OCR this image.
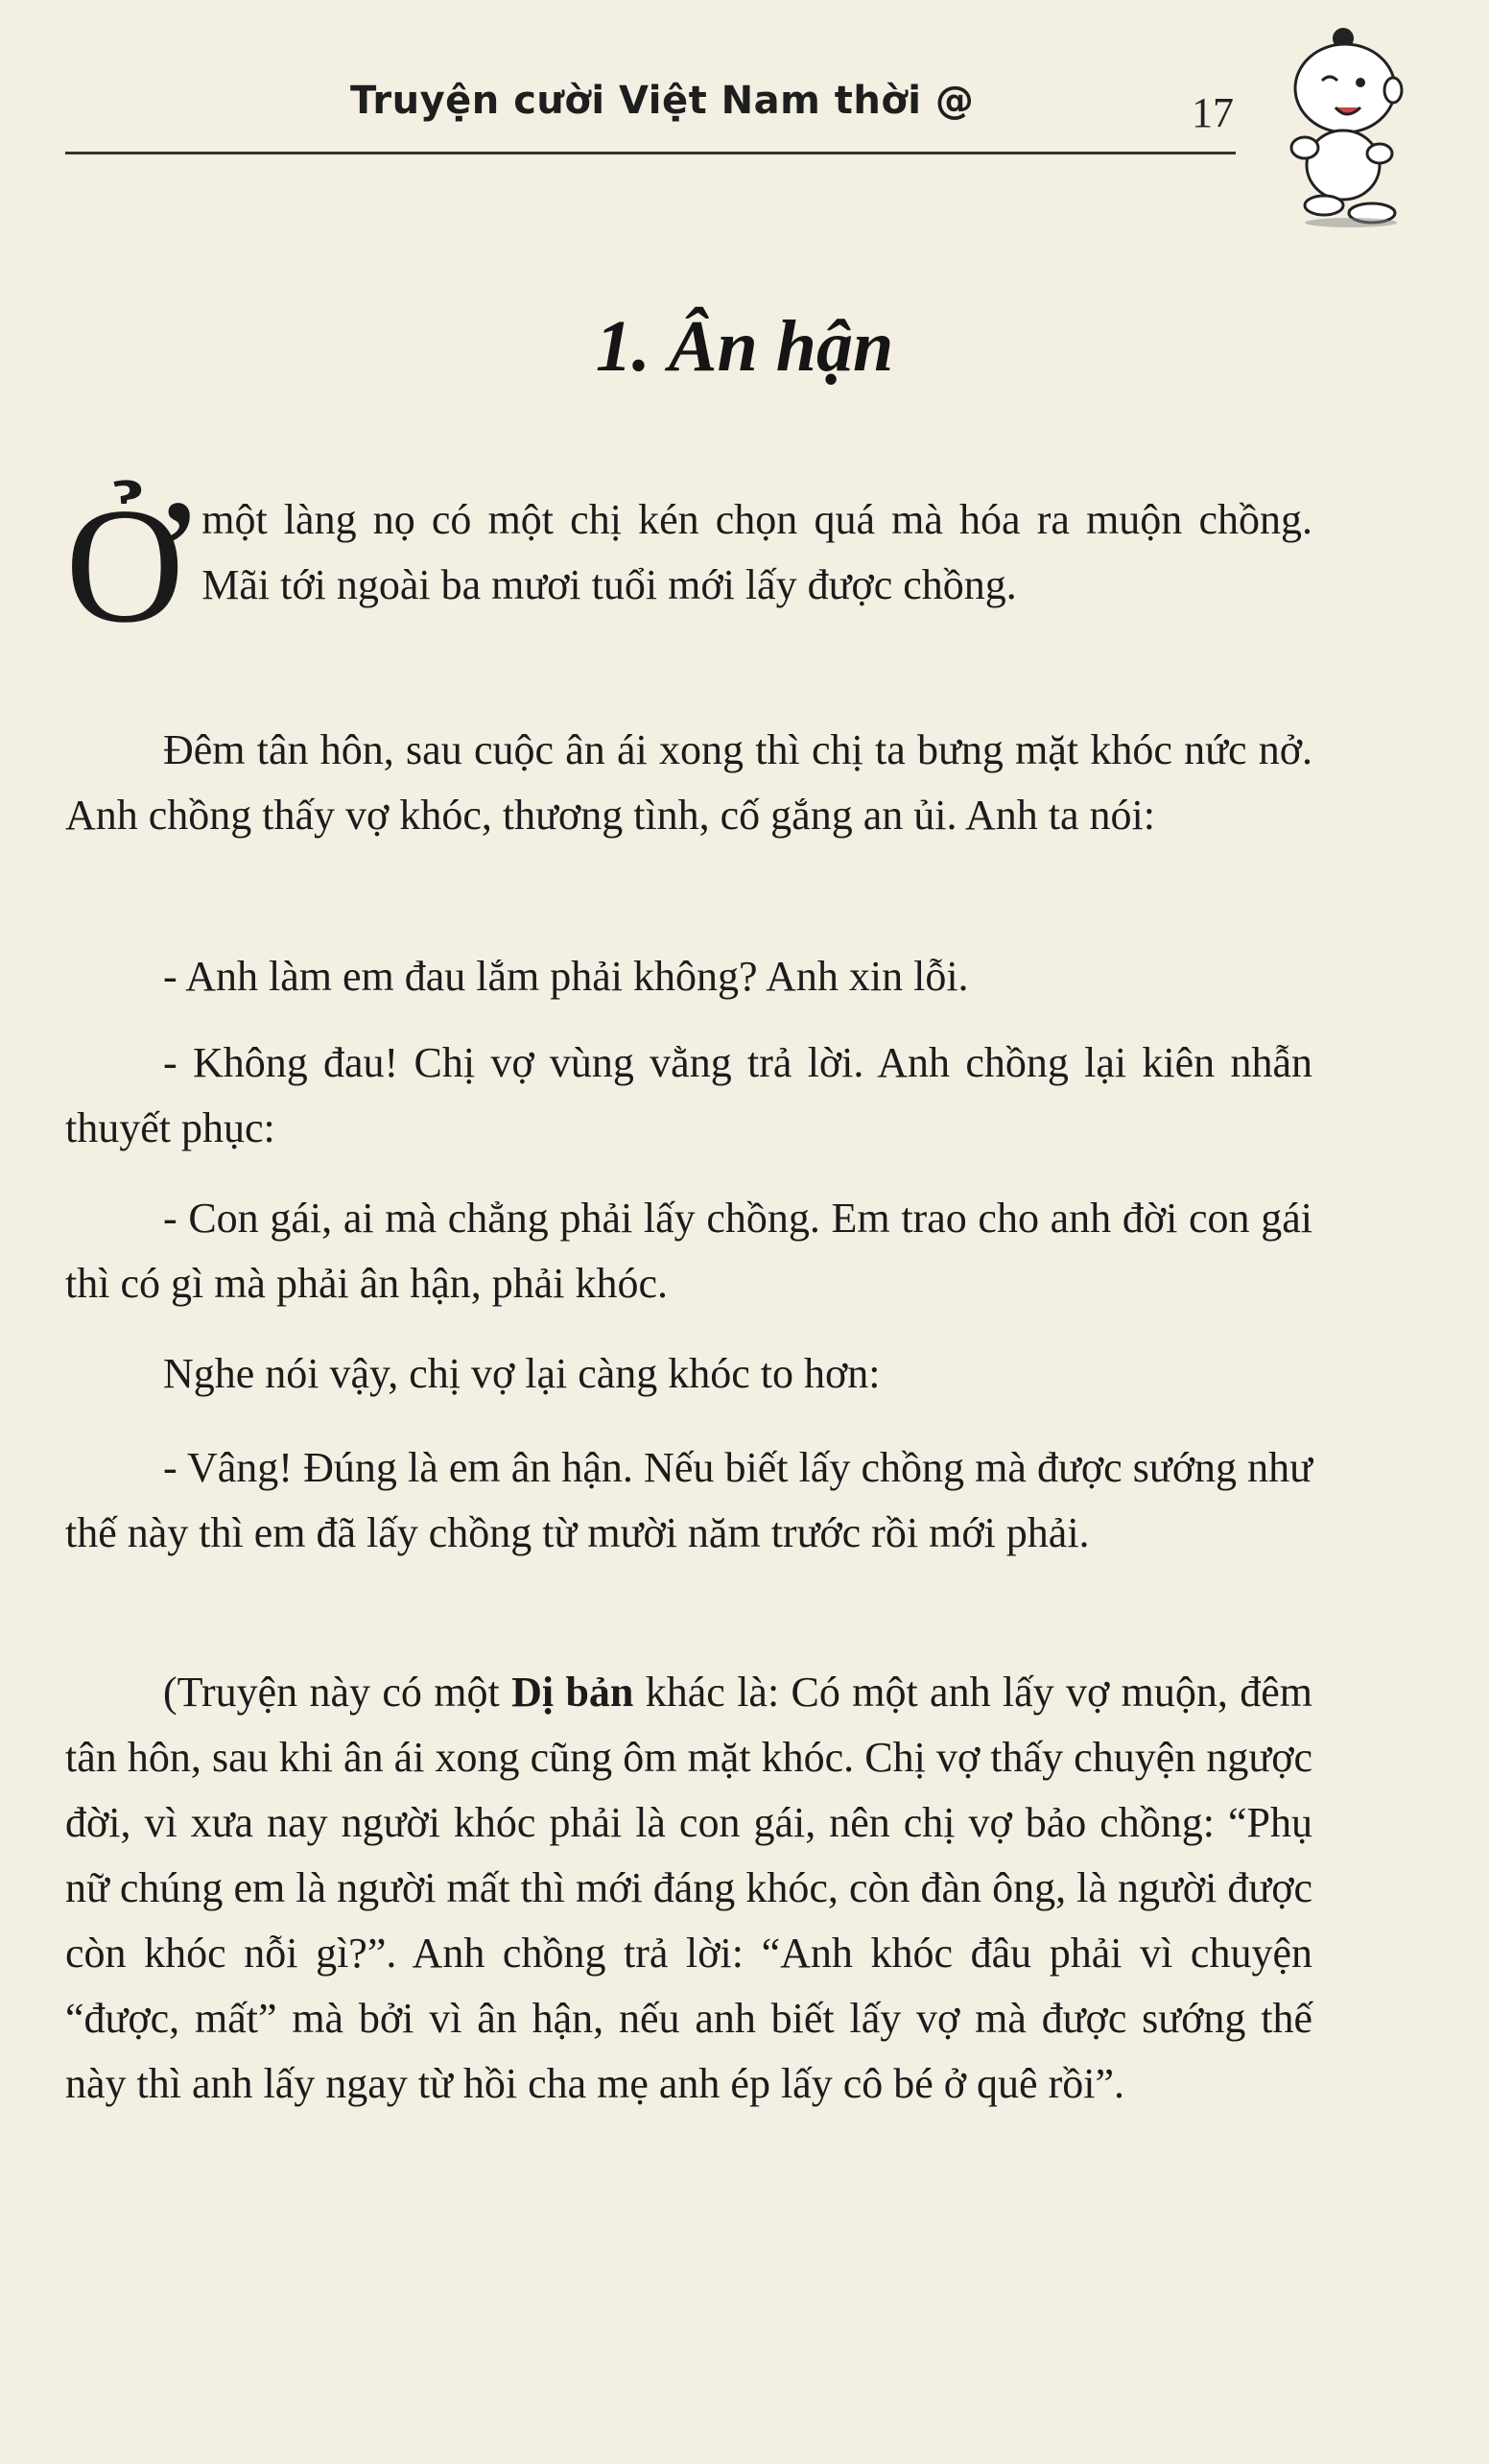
Truyện cười Việt Nam thời @	17
1. Ân hận

Ởmột làng nọ có một chị kén chọn quá mà hóa ra muộn chồng. Mãi tới ngoài ba mươi tuổi mới lấy được chồng.

Đêm tân hôn, sau cuộc ân ái xong thì chị ta bưng mặt khóc nức nở. Anh chồng thấy vợ khóc, thương tình, cố gắng an ủi. Anh ta nói:

- Anh làm em đau lắm phải không? Anh xin lỗi.

- Không đau! Chị vợ vùng vằng trả lời. Anh chồng lại kiên nhẫn thuyết phục:

- Con gái, ai mà chẳng phải lấy chồng. Em trao cho anh đời con gái thì có gì mà phải ân hận, phải khóc.

Nghe nói vậy, chị vợ lại càng khóc to hơn:

- Vâng! Đúng là em ân hận. Nếu biết lấy chồng mà được sướng như thế này thì em đã lấy chồng từ mười năm trước rồi mới phải.

(Truyện này có một Dị bản khác là: Có một anh lấy vợ muộn, đêm tân hôn, sau khi ân ái xong cũng ôm mặt khóc. Chị vợ thấy chuyện ngược đời, vì xưa nay người khóc phải là con gái, nên chị vợ bảo chồng: “Phụ nữ chúng em là người mất thì mới đáng khóc, còn đàn ông, là người được còn khóc nỗi gì?”. Anh chồng trả lời: “Anh khóc đâu phải vì chuyện “được, mất” mà bởi vì ân hận, nếu anh biết lấy vợ mà được sướng thế này thì anh lấy ngay từ hồi cha mẹ anh ép lấy cô bé ở quê rồi”.
